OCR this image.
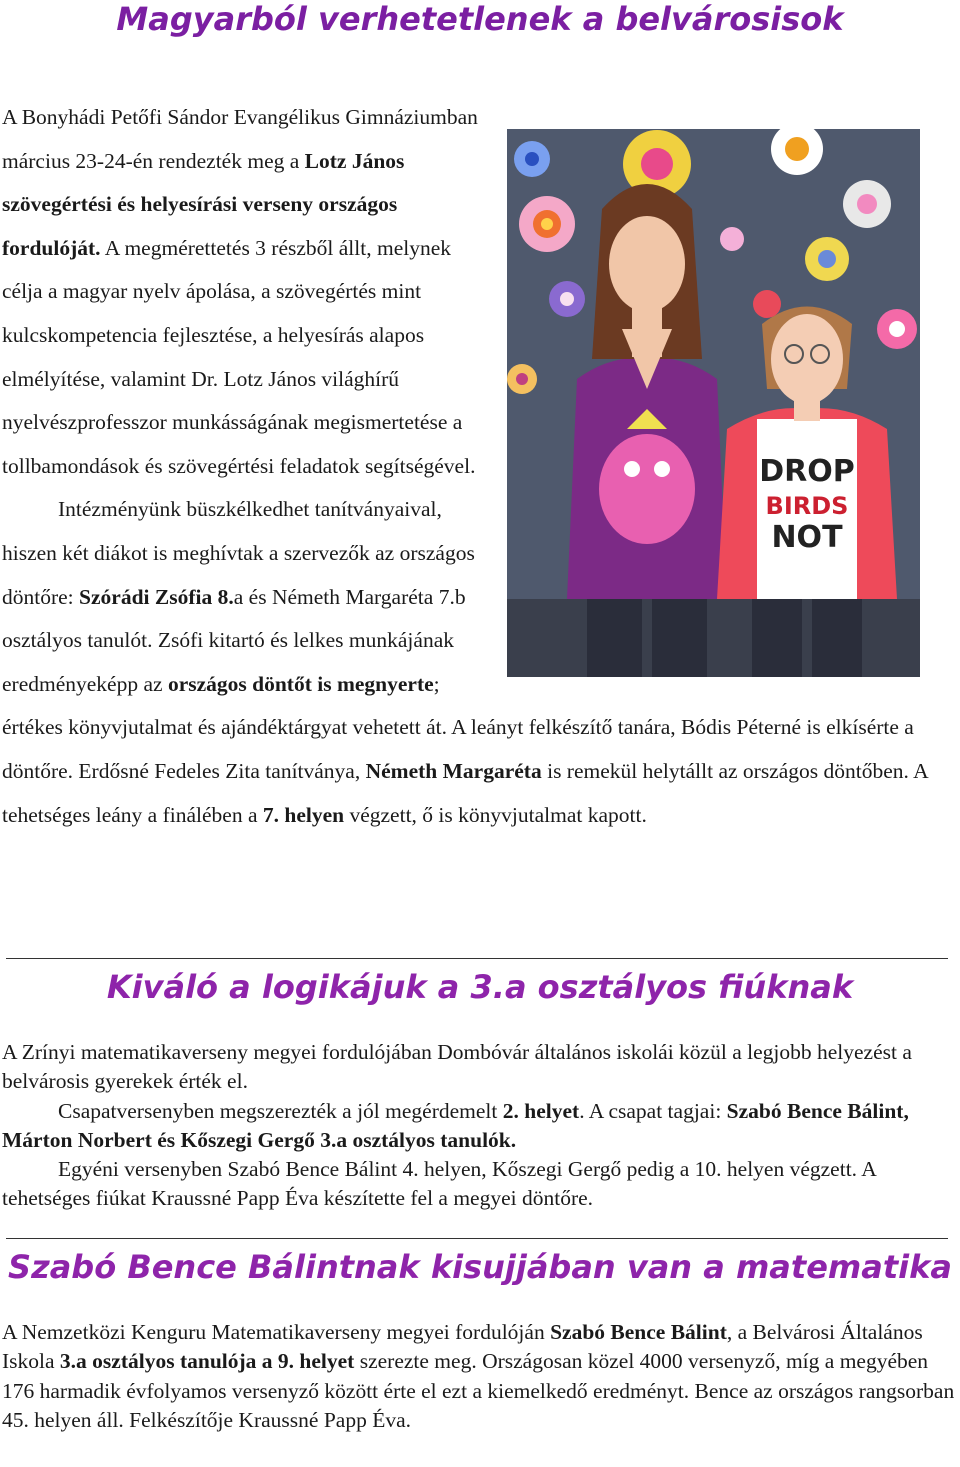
Magyarból verhetetlenek a belvárosisok

DROP
BIRDS
NOT
A Bonyhádi Petőfi Sándor Evangélikus Gimnáziumban március 23-24-én rendezték meg a Lotz János szövegértési és helyesírási verseny országos fordulóját. A megmérettetés 3 részből állt, melynek célja a magyar nyelv ápolása, a szövegértés mint kulcskompetencia fejlesztése, a helyesírás alapos elmélyítése, valamint Dr. Lotz János világhírű nyelvészprofesszor munkásságának megismertetése a tollbamondások és szövegértési feladatok segítségével.
Intézményünk büszkélkedhet tanítványaival, hiszen két diákot is meghívtak a szervezők az országos döntőre: Szórádi Zsófia 8.a és Németh Margaréta 7.b osztályos tanulót. Zsófi kitartó és lelkes munkájának eredményeképp az országos döntőt is megnyerte; értékes könyvjutalmat és ajándéktárgyat vehetett át. A leányt felkészítő tanára, Bódis Péterné is elkísérte a döntőre. Erdősné Fedeles Zita tanítványa, Németh Margaréta is remekül helytállt az országos döntőben. A tehetséges leány a finálében a 7. helyen végzett, ő is könyvjutalmat kapott.

Kiváló a logikájuk a 3.a osztályos fiúknak

A Zrínyi matematikaverseny megyei fordulójában Dombóvár általános iskolái közül a legjobb helyezést a belvárosis gyerekek érték el.
Csapatversenyben megszerezték a jól megérdemelt 2. helyet. A csapat tagjai: Szabó Bence Bálint, Márton Norbert és Kőszegi Gergő 3.a osztályos tanulók.
Egyéni versenyben Szabó Bence Bálint 4. helyen, Kőszegi Gergő pedig a 10. helyen végzett. A tehetséges fiúkat Kraussné Papp Éva készítette fel a megyei döntőre.

Szabó Bence Bálintnak kisujjában van a matematika

A Nemzetközi Kenguru Matematikaverseny megyei fordulóján Szabó Bence Bálint, a Belvárosi Általános Iskola 3.a osztályos tanulója a 9. helyet szerezte meg. Országosan közel 4000 versenyző, míg a megyében 176 harmadik évfolyamos versenyző között érte el ezt a kiemelkedő eredményt. Bence az országos rangsorban 45. helyen áll. Felkészítője Kraussné Papp Éva.
